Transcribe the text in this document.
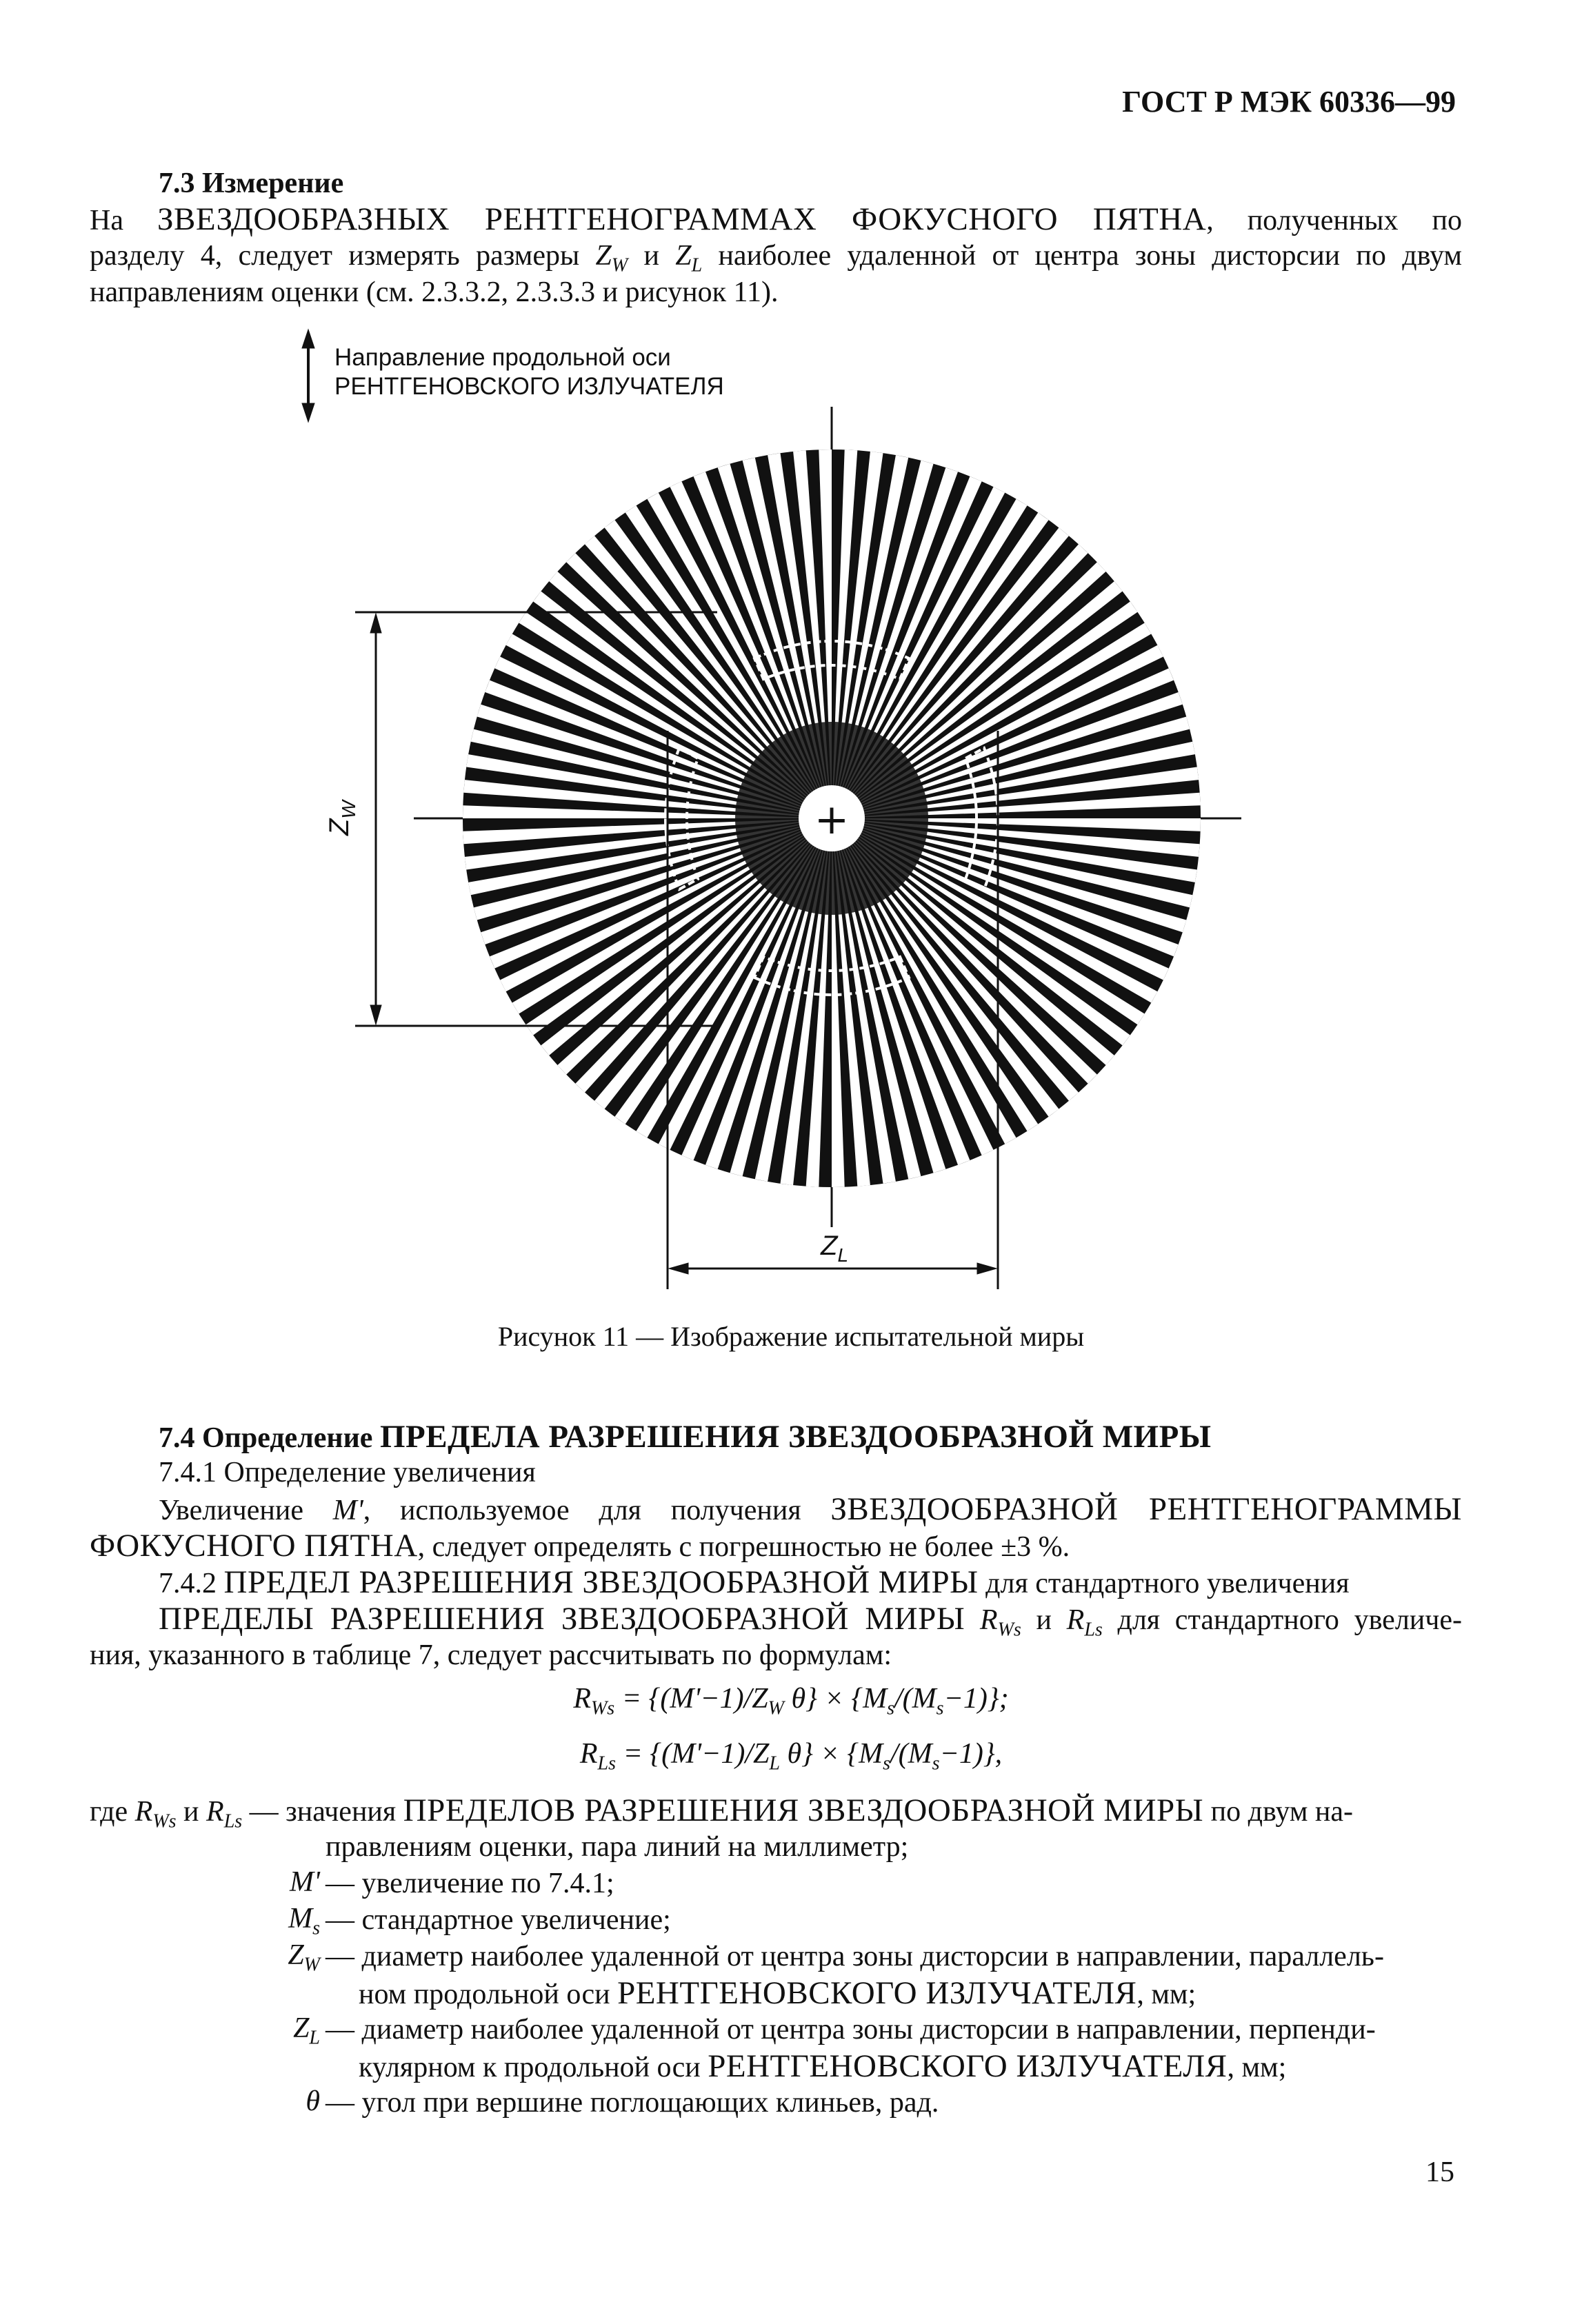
ГОСТ Р МЭК 60336—99
7.3 Измерение
На ЗВЕЗДООБРАЗНЫХ РЕНТГЕНОГРАММАХ ФОКУСНОГО ПЯТНА, полученных по
разделу 4, следует измерять размеры $Z_W$ и $Z_L$ наиболее удаленной от центра зоны дисторсии по двум
направлениям оценки (см. 2.3.3.2, 2.3.3.3 и рисунок 11).
Направление продольной оси
РЕНТГЕНОВСКОГО ИЗЛУЧАТЕЛЯ
+
$Z_W$
$Z_L$
Рисунок 11 — Изображение испытательной миры
7.4 Определение ПРЕДЕЛА РАЗРЕШЕНИЯ ЗВЕЗДООБРАЗНОЙ МИРЫ
7.4.1 Определение увеличения
Увеличение M', используемое для получения ЗВЕЗДООБРАЗНОЙ РЕНТГЕНОГРАММЫ
ФОКУСНОГО ПЯТНА, следует определять с погрешностью не более ±3 %.
7.4.2 ПРЕДЕЛ РАЗРЕШЕНИЯ ЗВЕЗДООБРАЗНОЙ МИРЫ для стандартного увеличения
ПРЕДЕЛЫ РАЗРЕШЕНИЯ ЗВЕЗДООБРАЗНОЙ МИРЫ $R_{Ws}$ и $R_{Ls}$ для стандартного увеличе-
ния, указанного в таблице 7, следует рассчитывать по формулам:
$R_{Ws} = \{(M'-1)/Z_W$ $\theta\} \times \{M_s/(M_s-1)\}$;
$R_{Ls} = \{(M'-1)/Z_L$ $\theta\} \times \{M_s/(M_s-1)\}$,
где $R_{Ws}$ и $R_{Ls}$ — значения ПРЕДЕЛОВ РАЗРЕШЕНИЯ ЗВЕЗДООБРАЗНОЙ МИРЫ по двум на-
правлениям оценки, пара линий на миллиметр;
M' — увеличение по 7.4.1;
$M_s$ — стандартное увеличение;
$Z_W$ — диаметр наиболее удаленной от центра зоны дисторсии в направлении, параллель-
ном продольной оси РЕНТГЕНОВСКОГО ИЗЛУЧАТЕЛЯ, мм;
$Z_L$ — диаметр наиболее удаленной от центра зоны дисторсии в направлении, перпенди-
кулярном к продольной оси РЕНТГЕНОВСКОГО ИЗЛУЧАТЕЛЯ, мм;
θ — угол при вершине поглощающих клиньев, рад.
15
